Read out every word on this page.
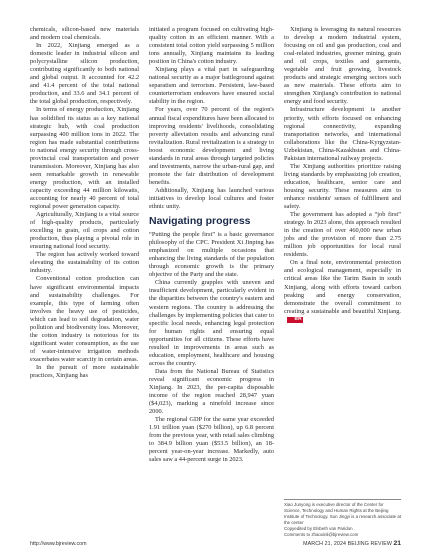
chemicals, silicon-based new materials and modern coal chemicals.

In 2022, Xinjiang emerged as a domestic leader in industrial silicon and polycrystalline silicon production, contributing significantly to both national and global output. It accounted for 42.2 and 41.4 percent of the total national production, and 33.6 and 34.1 percent of the total global production, respectively.

In terms of energy production, Xinjiang has solidified its status as a key national strategic hub, with coal production surpassing 400 million tons in 2022. The region has made substantial contributions to national energy security through cross-provincial coal transportation and power transmission. Moreover, Xinjiang has also seen remarkable growth in renewable energy production, with an installed capacity exceeding 44 million kilowatts, accounting for nearly 40 percent of total regional power generation capacity.

Agriculturally, Xinjiang is a vital source of high-quality products, particularly excelling in grain, oil crops and cotton production, thus playing a pivotal role in ensuring national food security.

The region has actively worked toward elevating the sustainability of its cotton industry.

Conventional cotton production can have significant environmental impacts and sustainability challenges. For example, this type of farming often involves the heavy use of pesticides, which can lead to soil degradation, water pollution and biodiversity loss. Moreover, the cotton industry is notorious for its significant water consumption, as the use of water-intensive irrigation methods exacerbates water scarcity in certain areas.

In the pursuit of more sustainable practices, Xinjiang has

initiated a program focused on cultivating high-quality cotton in an efficient manner. With a consistent total cotton yield surpassing 5 million tons annually, Xinjiang maintains its leading position in China's cotton industry.

Xinjiang plays a vital part in safeguarding national security as a major battleground against separatism and terrorism. Persistent, law-based counterterrorism endeavors have ensured social stability in the region.

For years, over 70 percent of the region's annual fiscal expenditures have been allocated to improving residents' livelihoods, consolidating poverty alleviation results and advancing rural revitalization. Rural revitalization is a strategy to boost economic development and living standards in rural areas through targeted policies and investments, narrow the urban-rural gap, and promote the fair distribution of development benefits.

Additionally, Xinjiang has launched various initiatives to develop local cultures and foster ethnic unity.

Navigating progress

“Putting the people first” is a basic governance philosophy of the CPC. President Xi Jinping has emphasized on multiple occasions that enhancing the living standards of the population through economic growth is the primary objective of the Party and the state.

China currently grapples with uneven and insufficient development, particularly evident in the disparities between the country's eastern and western regions. The country is addressing the challenges by implementing policies that cater to specific local needs, enhancing legal protection for human rights and ensuring equal opportunities for all citizens. These efforts have resulted in improvements in areas such as education, employment, healthcare and housing across the country.

Data from the National Bureau of Statistics reveal significant economic progress in Xinjiang. In 2023, the per-capita disposable income of the region reached 28,947 yuan ($4,023), marking a ninefold increase since 2000.

The regional GDP for the same year exceeded 1.91 trillion yuan ($270 billion), up 6.8 percent from the previous year, with retail sales climbing to 384.9 billion yuan ($53.5 billion), an 18-percent year-on-year increase. Markedly, auto sales saw a 44-percent surge in 2023.

Xinjiang is leveraging its natural resources to develop a modern industrial system, focusing on oil and gas production, coal and coal-related industries, greener mining, grain and oil crops, textiles and garments, vegetable and fruit growing, livestock products and strategic emerging sectors such as new materials. These efforts aim to strengthen Xinjiang's contribution to national energy and food security.

Infrastructure development is another priority, with efforts focused on enhancing regional connectivity, expanding transportation networks, and international collaborations like the China-Kyrgyzstan-Uzbekistan, China-Kazakhstan and China-Pakistan international railway projects.

The Xinjiang authorities prioritize raising living standards by emphasizing job creation, education, healthcare, senior care and housing security. These measures aim to enhance residents' senses of fulfillment and safety.

The government has adopted a “job first” strategy. In 2023 alone, this approach resulted in the creation of over 460,000 new urban jobs and the provision of more than 2.75 million job opportunities for local rural residents.

On a final note, environmental protection and ecological management, especially in critical areas like the Tarim Basin in south Xinjiang, along with efforts toward carbon peaking and energy conservation, demonstrate the overall commitment to creating a sustainable and beautiful Xinjiang.BR

Xiao Junyong is executive director of the Center for Science, Technology and Human Rights at the Beijing Institute of Technology. Sun Jingyi is a research associate at the center

Copyedited by Elsbeth van Paridon

Comments to zhaoxinli@bjreview.com

http://www.bjreview.com	MARCH 21, 2024 BEIJING REVIEW 21
